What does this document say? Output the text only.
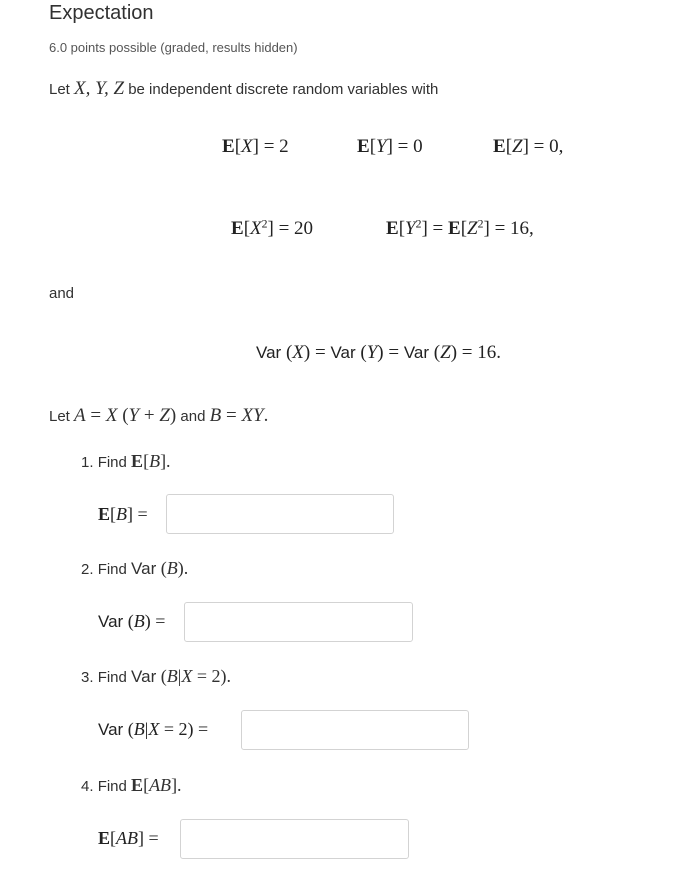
Expectation
6.0 points possible (graded, results hidden)
Let X, Y, Z be independent discrete random variables with
E[X] = 2	E[Y] = 0	E[Z] = 0,
$E[X^2] = 20$	$E[Y^2] = E[Z^2] = 16$,
and
Var (X) = Var (Y) = Var (Z) = 16.
Let A = X (Y + Z) and B = XY.
1. Find E[B].
E[B] =
2. Find Var (B).
Var (B) =
3. Find Var (B|X = 2).
Var (B|X = 2) =
4. Find E[AB].
E[AB] =
